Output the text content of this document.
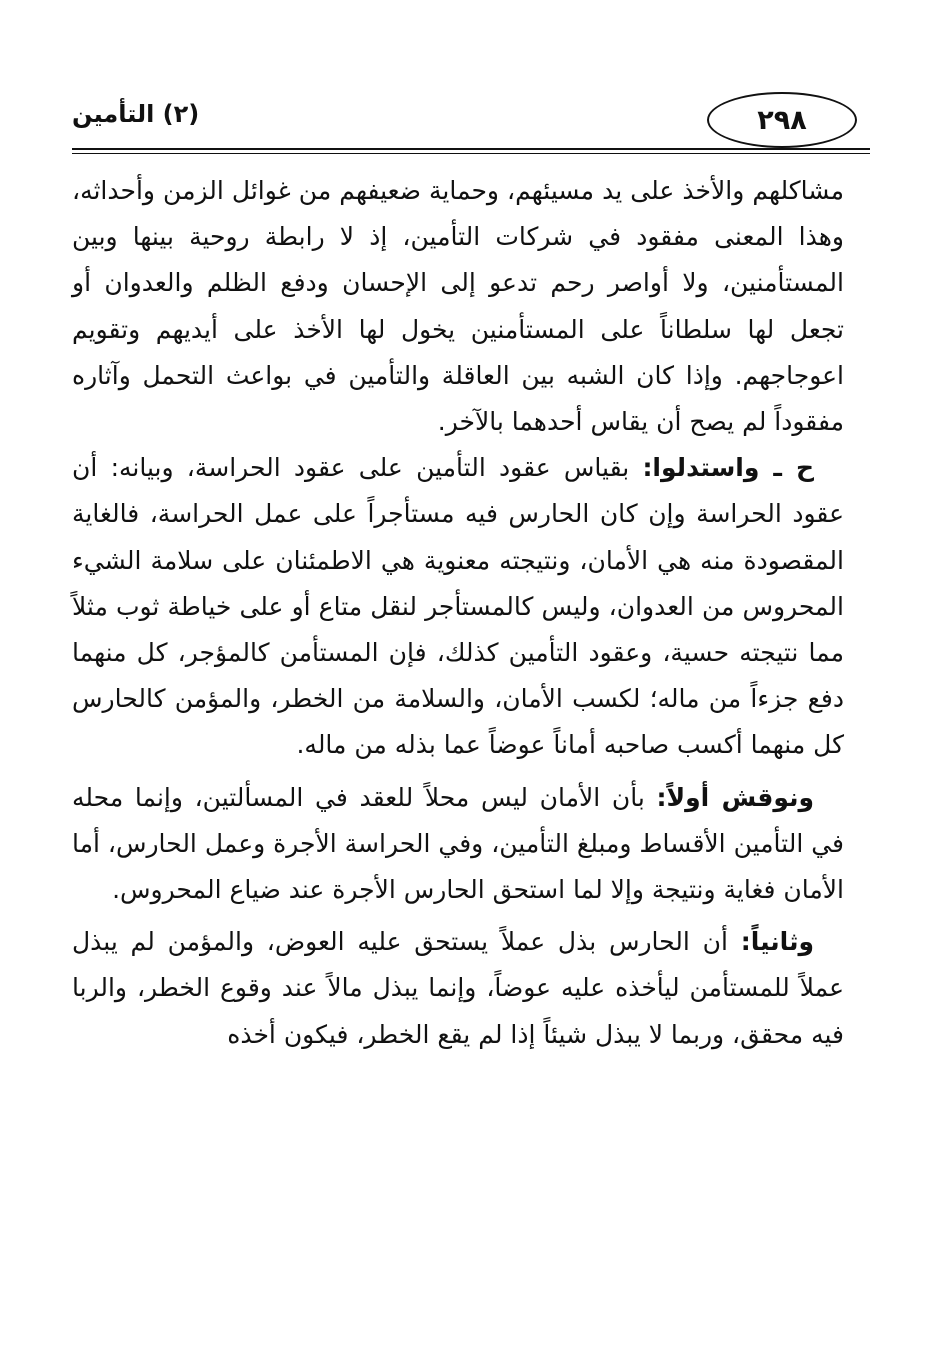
(٢) التأمين	٢٩٨

مشاكلهم والأخذ على يد مسيئهم، وحماية ضعيفهم من غوائل الزمن وأحداثه، وهذا المعنى مفقود في شركات التأمين، إذ لا رابطة روحية بينها وبين المستأمنين، ولا أواصر رحم تدعو إلى الإحسان ودفع الظلم والعدوان أو تجعل لها سلطاناً على المستأمنين يخول لها الأخذ على أيديهم وتقويم اعوجاجهم. وإذا كان الشبه بين العاقلة والتأمين في بواعث التحمل وآثاره مفقوداً لم يصح أن يقاس أحدهما بالآخر.

ح ـ واستدلوا: بقياس عقود التأمين على عقود الحراسة، وبيانه: أن عقود الحراسة وإن كان الحارس فيه مستأجراً على عمل الحراسة، فالغاية المقصودة منه هي الأمان، ونتيجته معنوية هي الاطمئنان على سلامة الشيء المحروس من العدوان، وليس كالمستأجر لنقل متاع أو على خياطة ثوب مثلاً مما نتيجته حسية، وعقود التأمين كذلك، فإن المستأمن كالمؤجر، كل منهما دفع جزءاً من ماله؛ لكسب الأمان، والسلامة من الخطر، والمؤمن كالحارس كل منهما أكسب صاحبه أماناً عوضاً عما بذله من ماله.

ونوقش أولاً: بأن الأمان ليس محلاً للعقد في المسألتين، وإنما محله في التأمين الأقساط ومبلغ التأمين، وفي الحراسة الأجرة وعمل الحارس، أما الأمان فغاية ونتيجة وإلا لما استحق الحارس الأجرة عند ضياع المحروس.

وثانياً: أن الحارس بذل عملاً يستحق عليه العوض، والمؤمن لم يبذل عملاً للمستأمن ليأخذه عليه عوضاً، وإنما يبذل مالاً عند وقوع الخطر، والربا فيه محقق، وربما لا يبذل شيئاً إذا لم يقع الخطر، فيكون أخذه
